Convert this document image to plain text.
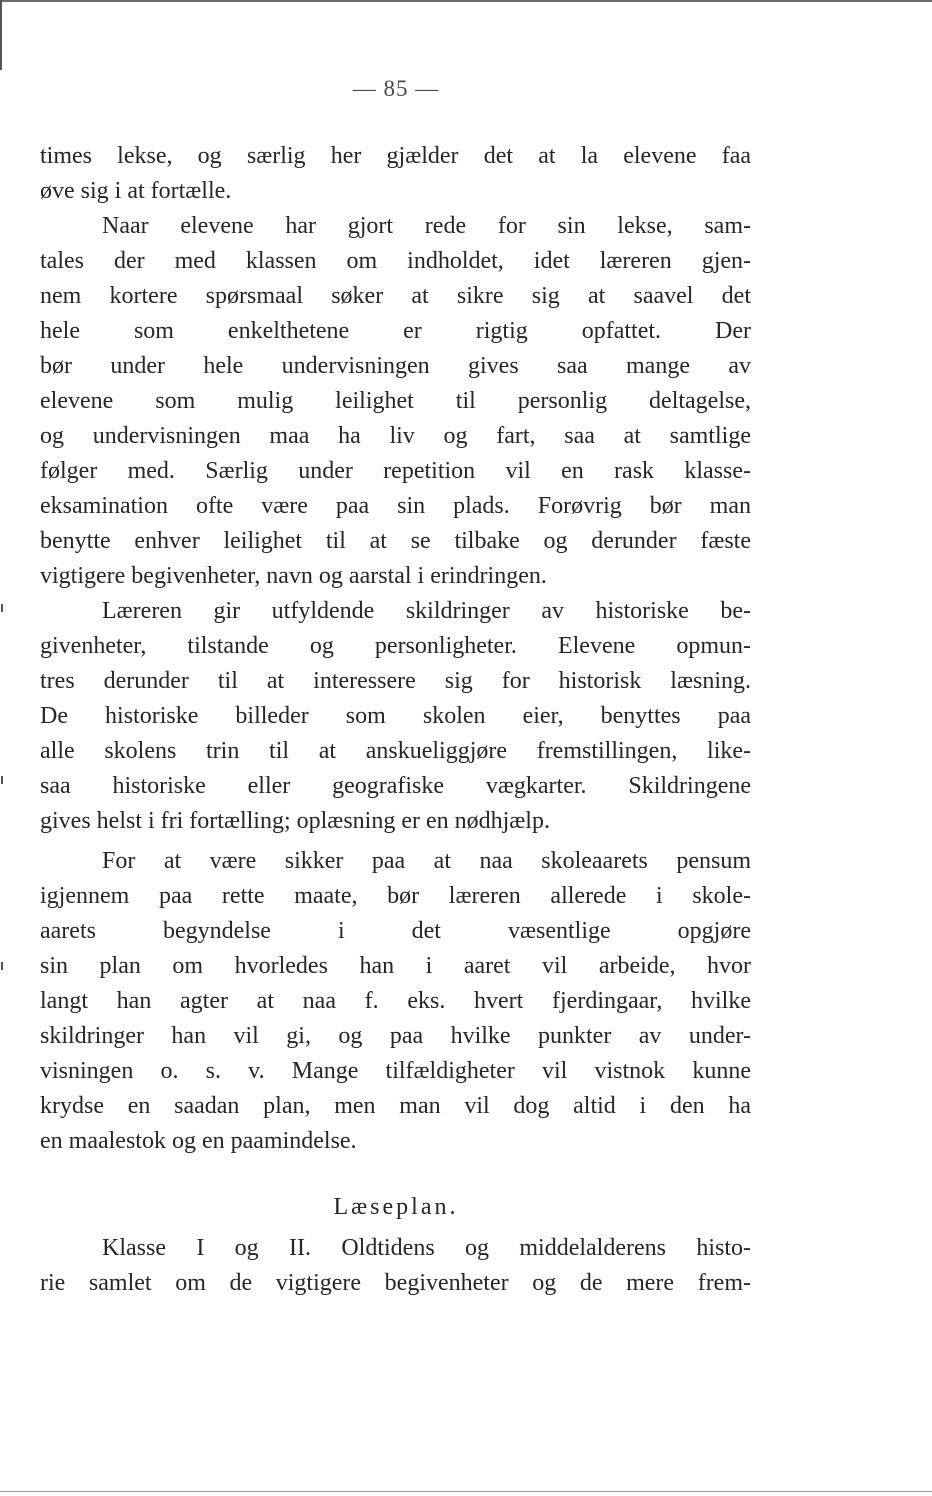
— 85 —
times lekse, og særlig her gjælder det at la elevene faa
øve sig i at fortælle.
Naar elevene har gjort rede for sin lekse, sam-
tales der med klassen om indholdet, idet læreren gjen-
nem kortere spørsmaal søker at sikre sig at saavel det
hele som enkelthetene er rigtig opfattet. Der
bør under hele undervisningen gives saa mange av
elevene som mulig leilighet til personlig deltagelse,
og undervisningen maa ha liv og fart, saa at samtlige
følger med. Særlig under repetition vil en rask klasse-
eksamination ofte være paa sin plads. Forøvrig bør man
benytte enhver leilighet til at se tilbake og derunder fæste
vigtigere begivenheter, navn og aarstal i erindringen.
Læreren gir utfyldende skildringer av historiske be-
givenheter, tilstande og personligheter. Elevene opmun-
tres derunder til at interessere sig for historisk læsning.
De historiske billeder som skolen eier, benyttes paa
alle skolens trin til at anskueliggjøre fremstillingen, like-
saa historiske eller geografiske vægkarter. Skildringene
gives helst i fri fortælling; oplæsning er en nødhjælp.
For at være sikker paa at naa skoleaarets pensum
igjennem paa rette maate, bør læreren allerede i skole-
aarets begyndelse i det væsentlige opgjøre
sin plan om hvorledes han i aaret vil arbeide, hvor
langt han agter at naa f. eks. hvert fjerdingaar, hvilke
skildringer han vil gi, og paa hvilke punkter av under-
visningen o. s. v. Mange tilfældigheter vil vistnok kunne
krydse en saadan plan, men man vil dog altid i den ha
en maalestok og en paamindelse.
Læseplan.
Klasse I og II. Oldtidens og middelalderens histo-
rie samlet om de vigtigere begivenheter og de mere frem-
